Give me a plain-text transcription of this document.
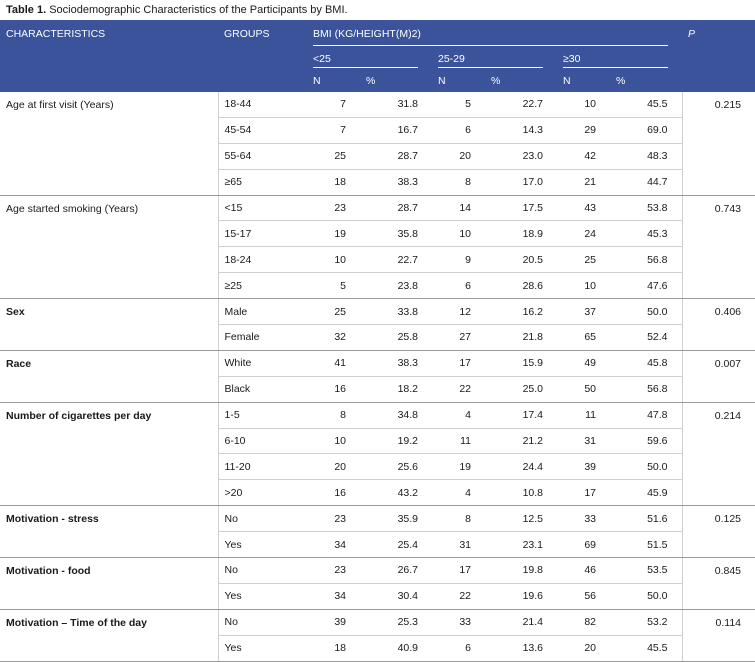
Table 1. Sociodemographic Characteristics of the Participants by BMI.
CHARACTERISTICS	GROUPS	BMI (KG/HEIGHT(M)2)						P
		<25		25-29		≥30		

		N	%	N	%	N	%	
Age at first visit (Years)	18-44	7	31.8	5	22.7	10	45.5	0.215
	45-54	7	16.7	6	14.3	29	69.0	
	55-64	25	28.7	20	23.0	42	48.3	
	≥65	18	38.3	8	17.0	21	44.7	
Age started smoking (Years)	<15	23	28.7	14	17.5	43	53.8	0.743
	15-17	19	35.8	10	18.9	24	45.3	
	18-24	10	22.7	9	20.5	25	56.8	
	≥25	5	23.8	6	28.6	10	47.6	
Sex	Male	25	33.8	12	16.2	37	50.0	0.406
	Female	32	25.8	27	21.8	65	52.4	
Race	White	41	38.3	17	15.9	49	45.8	0.007
	Black	16	18.2	22	25.0	50	56.8	
Number of cigarettes per day	1-5	8	34.8	4	17.4	11	47.8	0.214
	6-10	10	19.2	11	21.2	31	59.6	
	11-20	20	25.6	19	24.4	39	50.0	
	>20	16	43.2	4	10.8	17	45.9	
Motivation - stress	No	23	35.9	8	12.5	33	51.6	0.125
	Yes	34	25.4	31	23.1	69	51.5	
Motivation - food	No	23	26.7	17	19.8	46	53.5	0.845
	Yes	34	30.4	22	19.6	56	50.0	
Motivation – Time of the day	No	39	25.3	33	21.4	82	53.2	0.114
	Yes	18	40.9	6	13.6	20	45.5	
